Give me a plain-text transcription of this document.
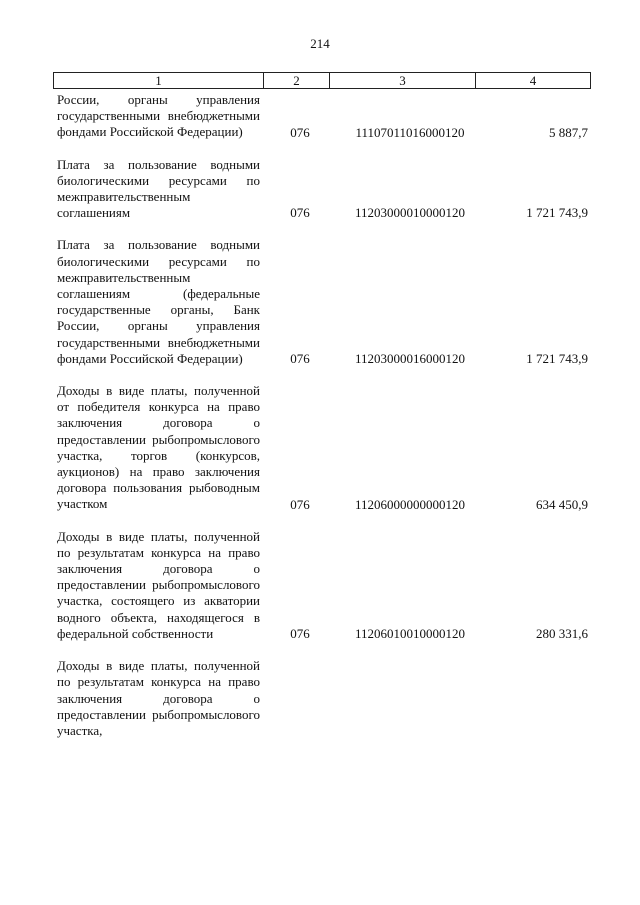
214
1	2	3	4
России, органы управления государственными внебюджетными фондами Российской Федерации)	076	11107011016000120	5 887,7
Плата за пользование водными биологическими ресурсами по межправительственным соглашениям	076	11203000010000120	1 721 743,9
Плата за пользование водными биологическими ресурсами по межправительственным соглашениям (федеральные государственные органы, Банк России, органы управления государственными внебюджетными фондами Российской Федерации)	076	11203000016000120	1 721 743,9
Доходы в виде платы, полученной от победителя конкурса на право заключения договора о предоставлении рыбопромыслового участка, торгов (конкурсов, аукционов) на право заключения договора пользования рыбоводным участком	076	11206000000000120	634 450,9
Доходы в виде платы, полученной по результатам конкурса на право заключения договора о предоставлении рыбопромыслового участка, состоящего из акватории водного объекта, находящегося в федеральной собственности	076	11206010010000120	280 331,6
Доходы в виде платы, полученной по результатам конкурса на право заключения договора о предоставлении рыбопромыслового участка,
